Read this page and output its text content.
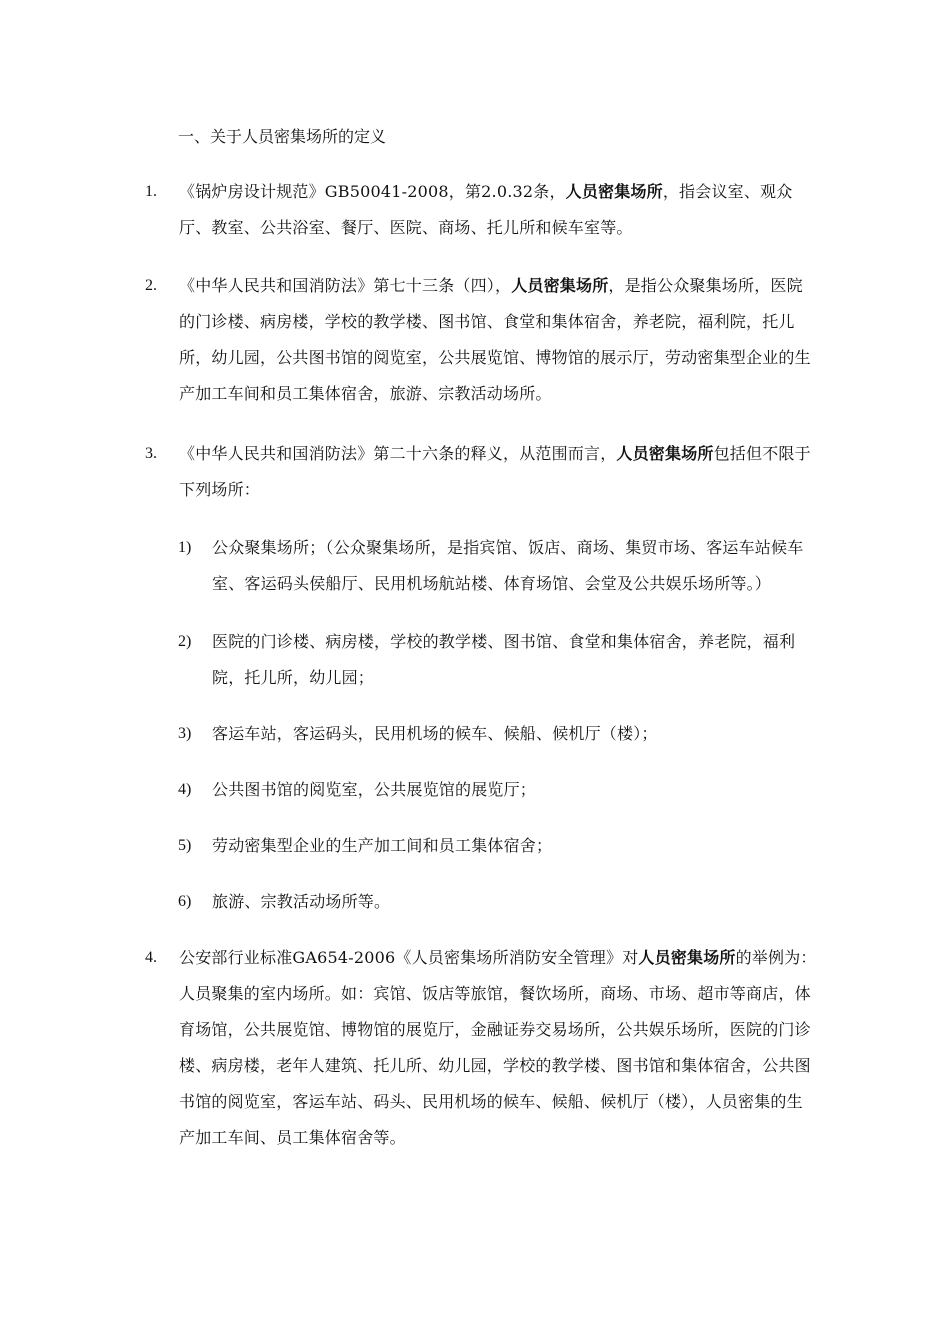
一、关于人员密集场所的定义
1. 《锅炉房设计规范》GB50041-2008，第2.0.32条，人员密集场所，指会议室、观众厅、教室、公共浴室、餐厅、医院、商场、托儿所和候车室等。
2. 《中华人民共和国消防法》第七十三条（四），人员密集场所，是指公众聚集场所，医院的门诊楼、病房楼，学校的教学楼、图书馆、食堂和集体宿舍，养老院，福利院，托儿所，幼儿园，公共图书馆的阅览室，公共展览馆、博物馆的展示厅，劳动密集型企业的生产加工车间和员工集体宿舍，旅游、宗教活动场所。
3. 《中华人民共和国消防法》第二十六条的释义，从范围而言，人员密集场所包括但不限于下列场所：
1) 公众聚集场所；（公众聚集场所，是指宾馆、饭店、商场、集贸市场、客运车站候车室、客运码头侯船厅、民用机场航站楼、体育场馆、会堂及公共娱乐场所等。）
2) 医院的门诊楼、病房楼，学校的教学楼、图书馆、食堂和集体宿舍，养老院，福利院，托儿所，幼儿园；
3) 客运车站，客运码头，民用机场的候车、候船、候机厅（楼）；
4) 公共图书馆的阅览室，公共展览馆的展览厅；
5) 劳动密集型企业的生产加工间和员工集体宿舍；
6) 旅游、宗教活动场所等。
4. 公安部行业标准GA654-2006《人员密集场所消防安全管理》对人员密集场所的举例为：人员聚集的室内场所。如：宾馆、饭店等旅馆，餐饮场所，商场、市场、超市等商店，体育场馆，公共展览馆、博物馆的展览厅，金融证券交易场所，公共娱乐场所，医院的门诊楼、病房楼，老年人建筑、托儿所、幼儿园，学校的教学楼、图书馆和集体宿舍，公共图书馆的阅览室，客运车站、码头、民用机场的候车、候船、候机厅（楼），人员密集的生产加工车间、员工集体宿舍等。
